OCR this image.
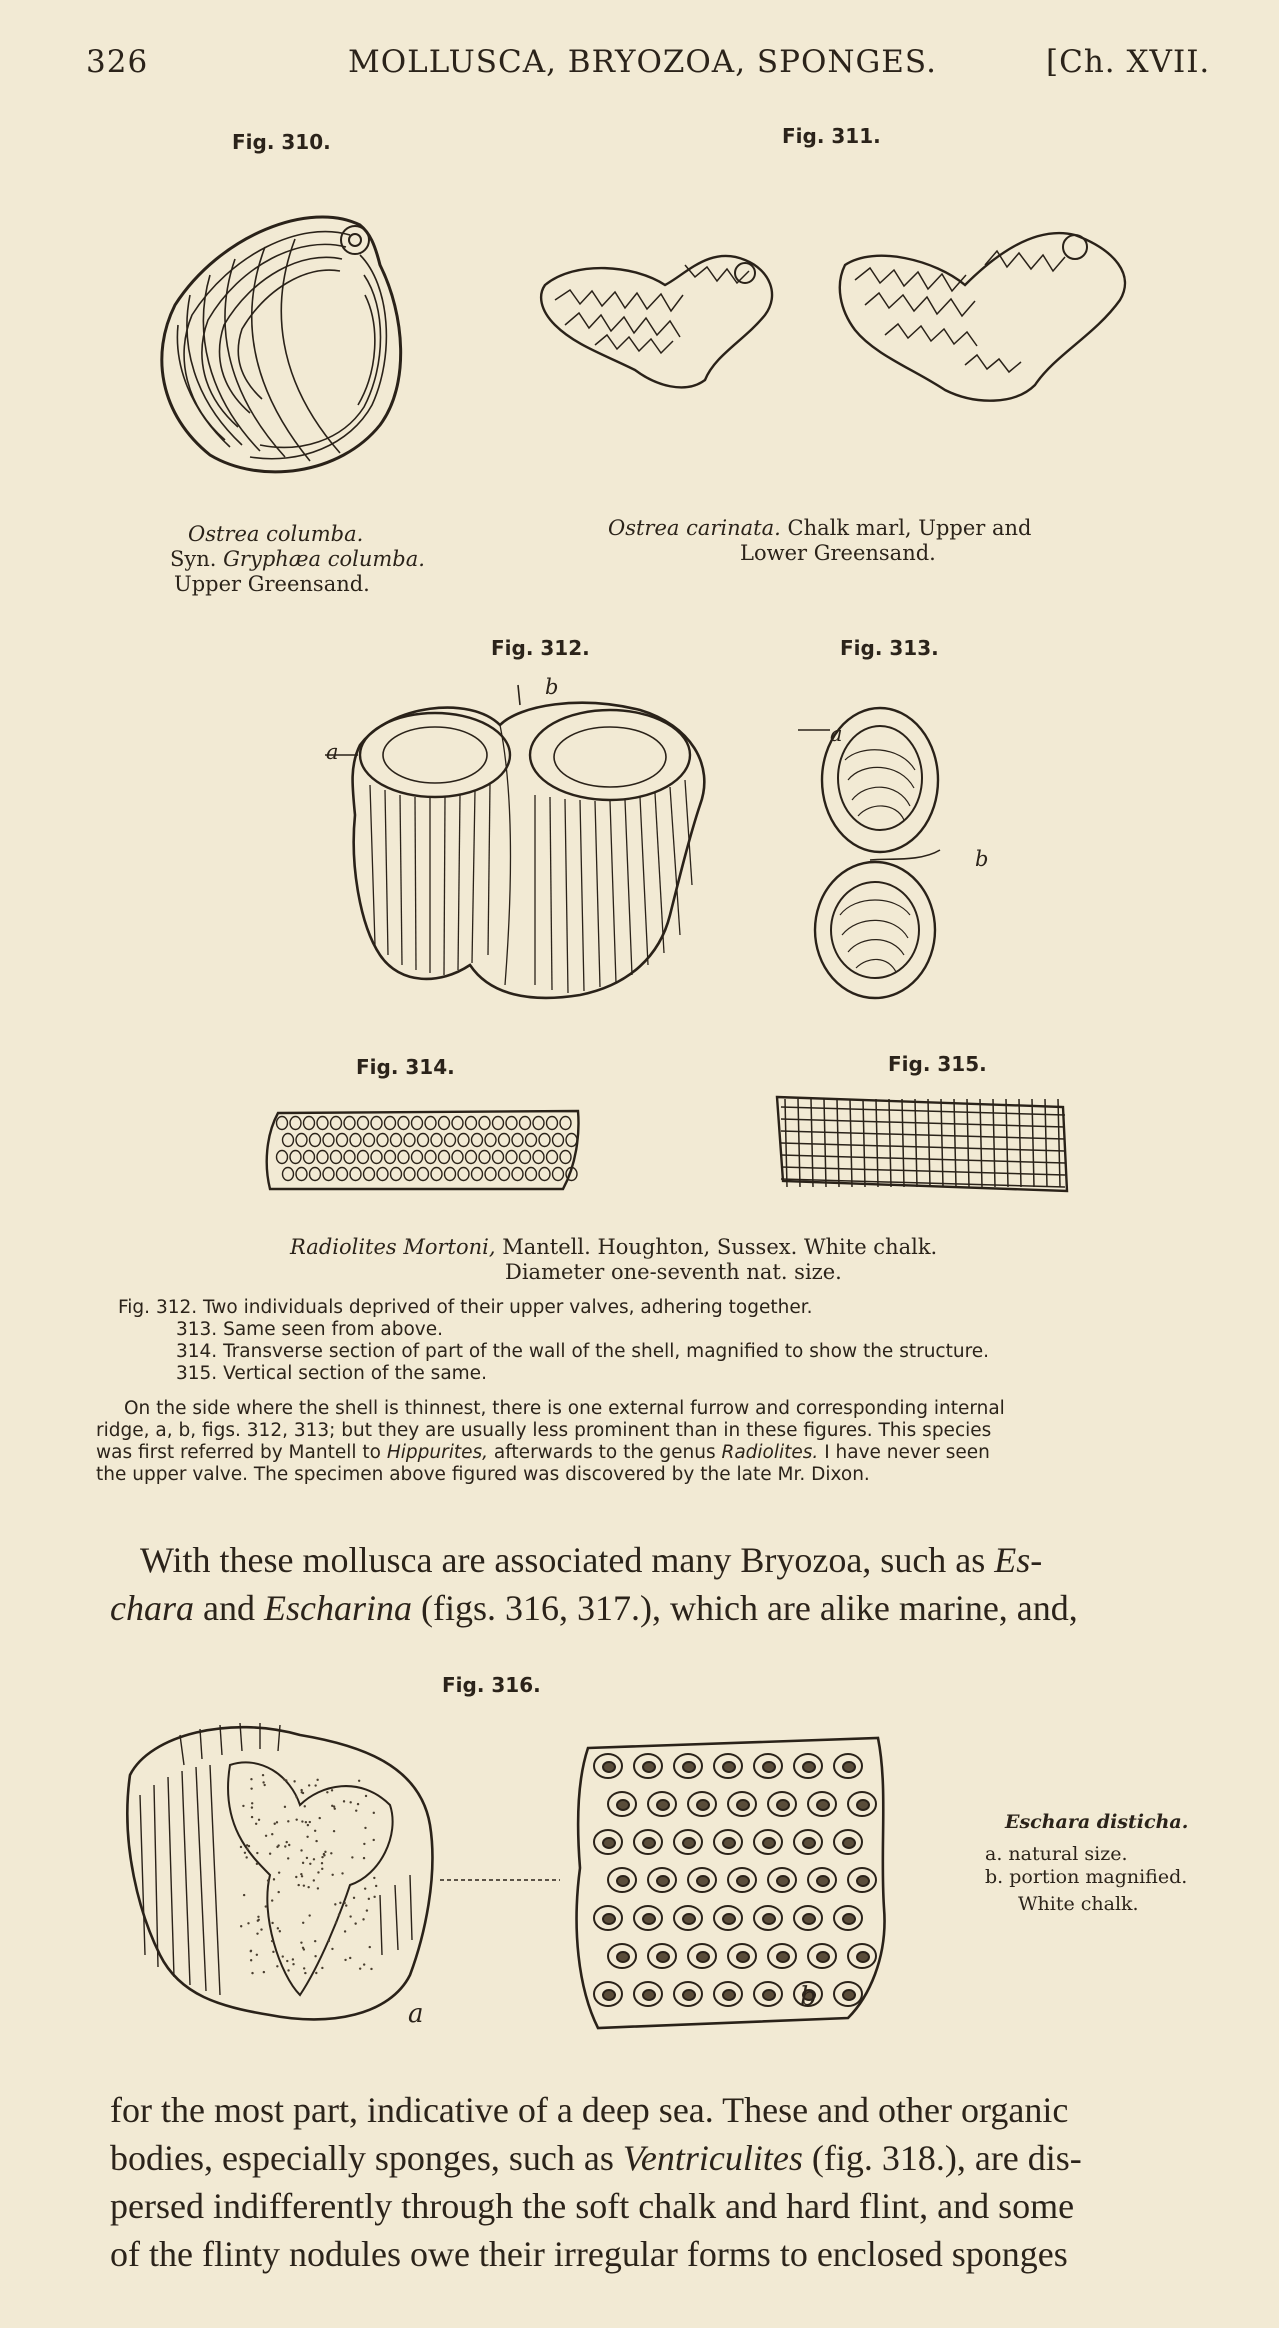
326	MOLLUSCA, BRYOZOA, SPONGES.	[Ch. XVII.
Fig. 310.	Fig. 311.
Ostrea columba.
Syn. Gryphæa columba.
Upper Greensand.
Ostrea carinata. Chalk marl, Upper and
Lower Greensand.
Fig. 312.	Fig. 313.
a
b
a
b
Fig. 314.	Fig. 315.
Radiolites Mortoni, Mantell. Houghton, Sussex. White chalk.
Diameter one-seventh nat. size.
Fig. 312. Two individuals deprived of their upper valves, adhering together.
313. Same seen from above.
314. Transverse section of part of the wall of the shell, magnified to show the structure.
315. Vertical section of the same.
On the side where the shell is thinnest, there is one external furrow and corresponding internal
ridge, a, b, figs. 312, 313; but they are usually less prominent than in these figures. This species
was first referred by Mantell to Hippurites, afterwards to the genus Radiolites. I have never seen
the upper valve. The specimen above figured was discovered by the late Mr. Dixon.
With these mollusca are associated many Bryozoa, such as Es-
chara and Escharina (figs. 316, 317.), which are alike marine, and,
Fig. 316.
a
b
Eschara disticha.
a. natural size.
b. portion magnified.
White chalk.
for the most part, indicative of a deep sea. These and other organic
bodies, especially sponges, such as Ventriculites (fig. 318.), are dis-
persed indifferently through the soft chalk and hard flint, and some
of the flinty nodules owe their irregular forms to enclosed sponges
